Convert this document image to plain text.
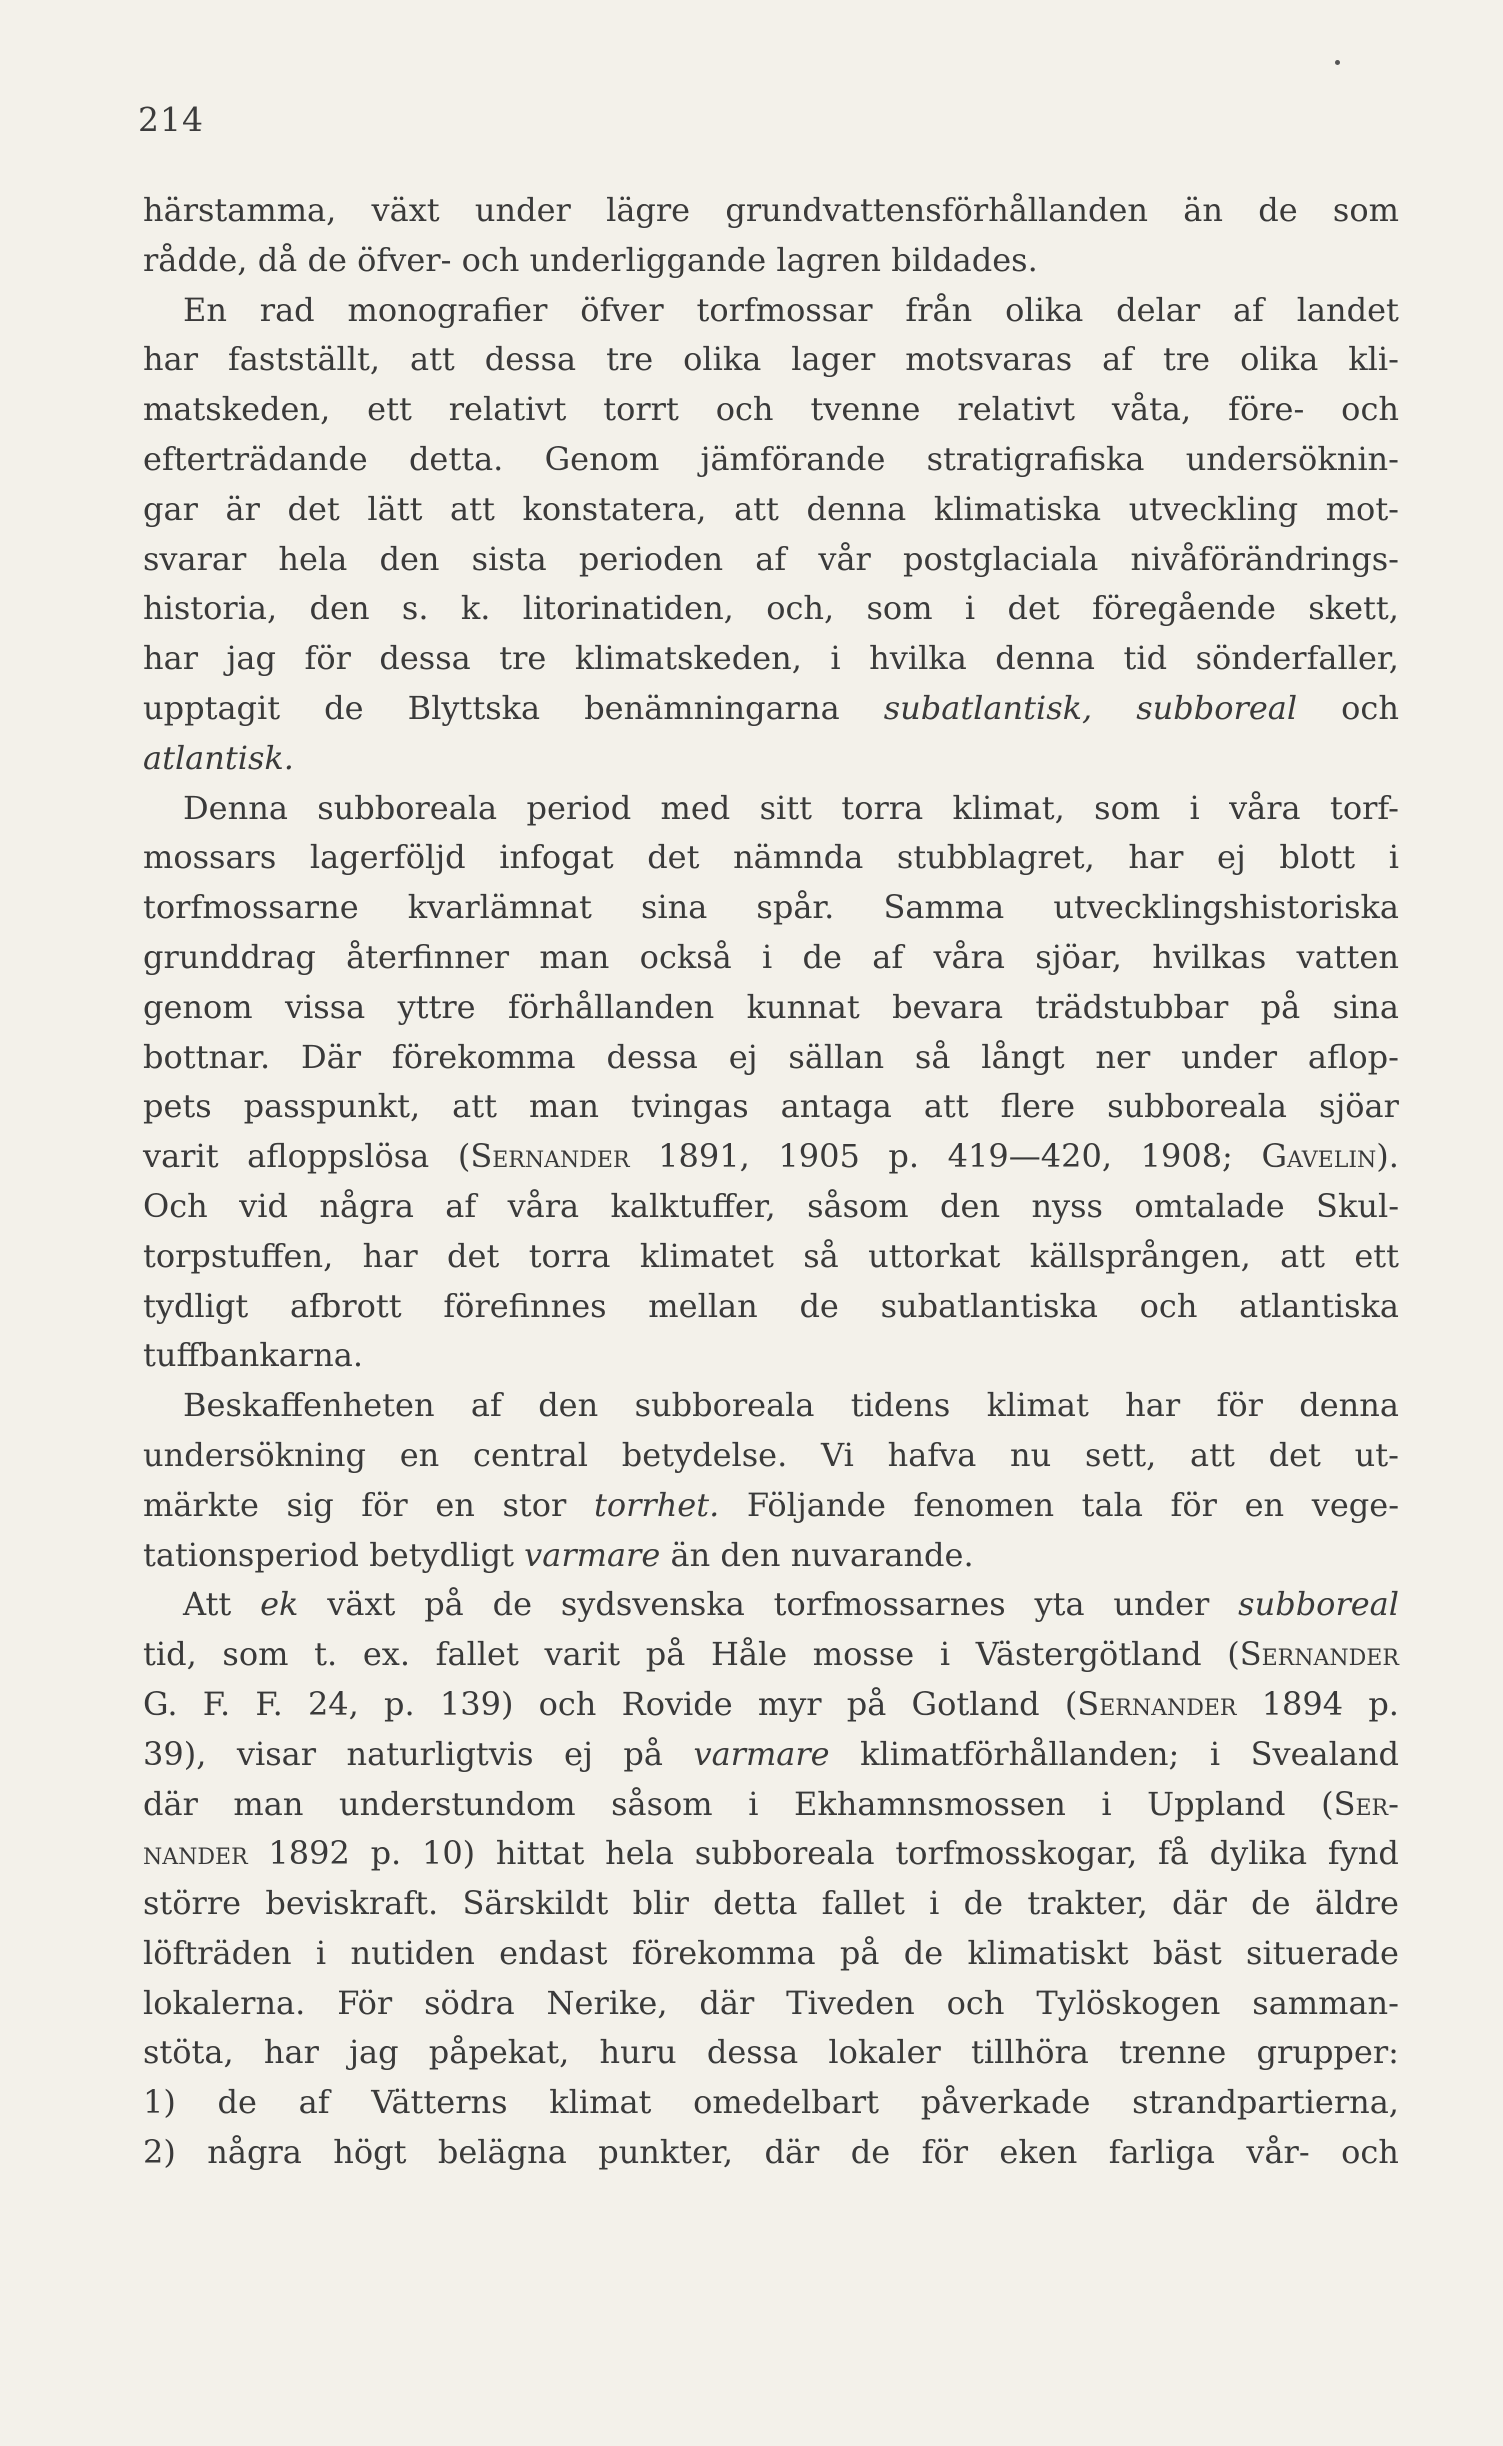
214
härstamma, växt under lägre grundvattensförhållanden än de som
rådde, då de öfver- och underliggande lagren bildades.
En rad monografier öfver torfmossar från olika delar af landet
har fastställt, att dessa tre olika lager motsvaras af tre olika kli-
matskeden, ett relativt torrt och tvenne relativt våta, före- och
efterträdande detta. Genom jämförande stratigrafiska undersöknin-
gar är det lätt att konstatera, att denna klimatiska utveckling mot-
svarar hela den sista perioden af vår postglaciala nivåförändrings-
historia, den s. k. litorinatiden, och, som i det föregående skett,
har jag för dessa tre klimatskeden, i hvilka denna tid sönderfaller,
upptagit de Blyttska benämningarna subatlantisk, subboreal och
atlantisk.
Denna subboreala period med sitt torra klimat, som i våra torf-
mossars lagerföljd infogat det nämnda stubblagret, har ej blott i
torfmossarne kvarlämnat sina spår. Samma utvecklingshistoriska
grunddrag återfinner man också i de af våra sjöar, hvilkas vatten
genom vissa yttre förhållanden kunnat bevara trädstubbar på sina
bottnar. Där förekomma dessa ej sällan så långt ner under aflop-
pets passpunkt, att man tvingas antaga att flere subboreala sjöar
varit afloppslösa (Sernander 1891, 1905 p. 419—420, 1908; Gavelin).
Och vid några af våra kalktuffer, såsom den nyss omtalade Skul-
torpstuffen, har det torra klimatet så uttorkat källsprången, att ett
tydligt afbrott förefinnes mellan de subatlantiska och atlantiska
tuffbankarna.
Beskaffenheten af den subboreala tidens klimat har för denna
undersökning en central betydelse. Vi hafva nu sett, att det ut-
märkte sig för en stor torrhet. Följande fenomen tala för en vege-
tationsperiod betydligt varmare än den nuvarande.
Att ek växt på de sydsvenska torfmossarnes yta under subboreal
tid, som t. ex. fallet varit på Håle mosse i Västergötland (Sernander
G. F. F. 24, p. 139) och Rovide myr på Gotland (Sernander 1894 p.
39), visar naturligtvis ej på varmare klimatförhållanden; i Svealand
där man understundom såsom i Ekhamnsmossen i Uppland (Ser-
nander 1892 p. 10) hittat hela subboreala torfmosskogar, få dylika fynd
större beviskraft. Särskildt blir detta fallet i de trakter, där de äldre
löfträden i nutiden endast förekomma på de klimatiskt bäst situerade
lokalerna. För södra Nerike, där Tiveden och Tylöskogen samman-
stöta, har jag påpekat, huru dessa lokaler tillhöra trenne grupper:
1) de af Vätterns klimat omedelbart påverkade strandpartierna,
2) några högt belägna punkter, där de för eken farliga vår- och
